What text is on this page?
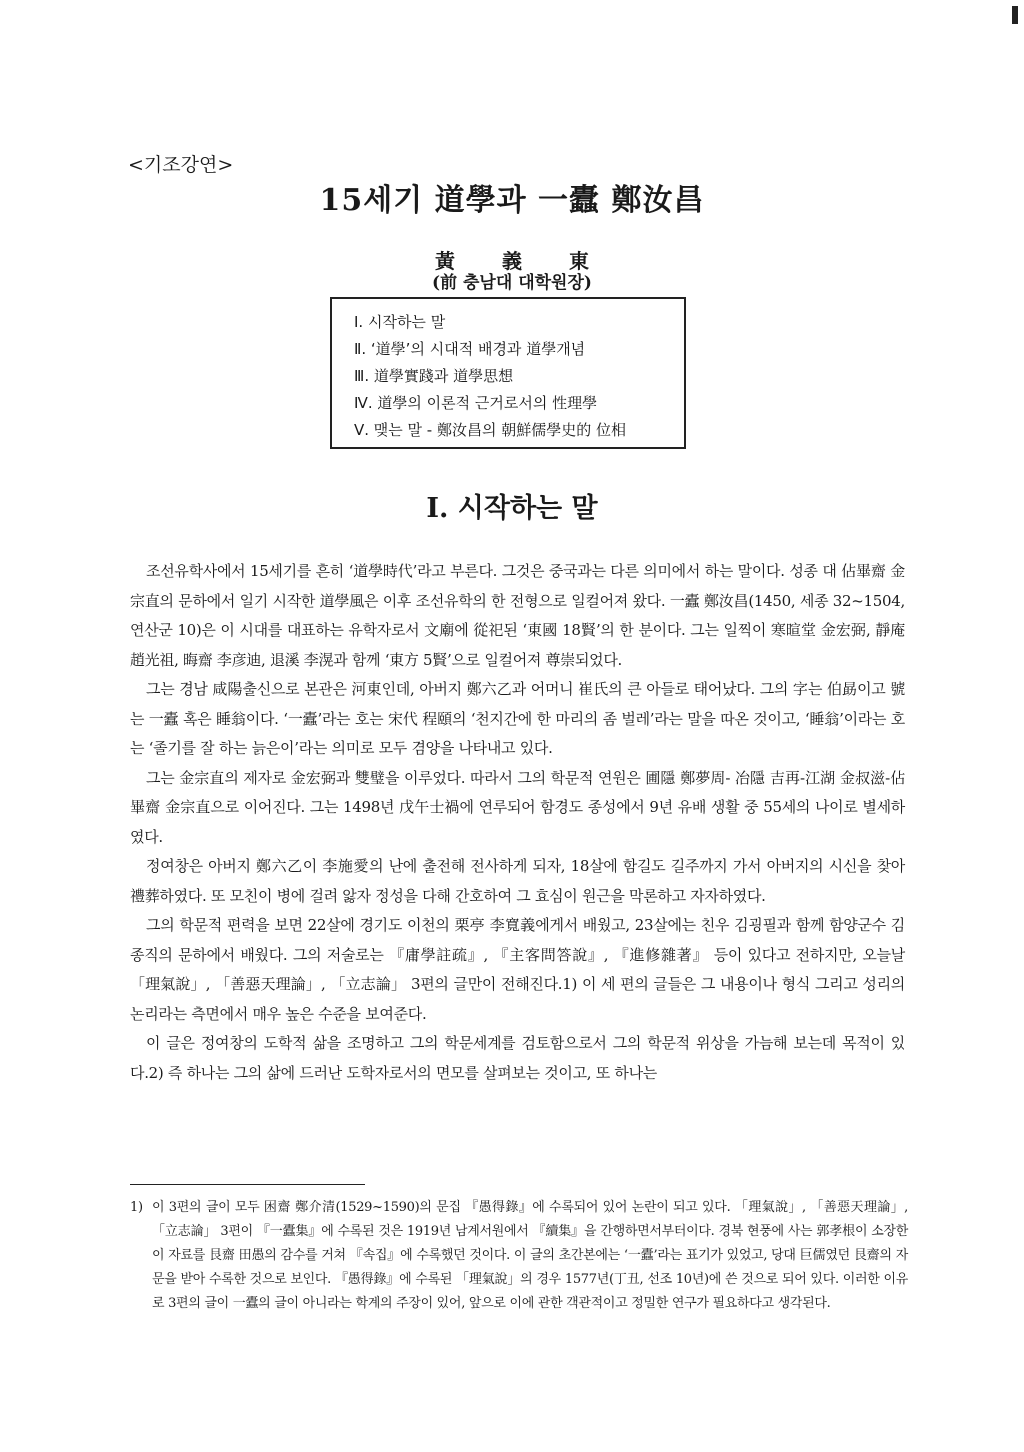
<기조강연>
15세기 道學과 一蠹 鄭汝昌
黃 義 東
(前 충남대 대학원장)
Ⅰ. 시작하는 말
Ⅱ. ‘道學’의 시대적 배경과 道學개념
Ⅲ. 道學實踐과 道學思想
Ⅳ. 道學의 이론적 근거로서의 性理學
Ⅴ. 맺는 말 - 鄭汝昌의 朝鮮儒學史的 位相
Ⅰ. 시작하는 말

조선유학사에서 15세기를 흔히 ‘道學時代’라고 부른다. 그것은 중국과는 다른 의미에서 하는 말이다. 성종 대 佔畢齋 金宗直의 문하에서 일기 시작한 道學風은 이후 조선유학의 한 전형으로 일컬어져 왔다. 一蠹 鄭汝昌(1450, 세종 32~1504, 연산군 10)은 이 시대를 대표하는 유학자로서 文廟에 從祀된 ‘東國 18賢’의 한 분이다. 그는 일찍이 寒暄堂 金宏弼, 靜庵 趙光祖, 晦齋 李彦迪, 退溪 李滉과 함께 ‘東方 5賢’으로 일컬어져 尊崇되었다.

그는 경남 咸陽출신으로 본관은 河東인데, 아버지 鄭六乙과 어머니 崔氏의 큰 아들로 태어났다. 그의 字는 伯勗이고 號는 一蠹 혹은 睡翁이다. ‘一蠹’라는 호는 宋代 程頤의 ‘천지간에 한 마리의 좀 벌레’라는 말을 따온 것이고, ‘睡翁’이라는 호는 ‘졸기를 잘 하는 늙은이’라는 의미로 모두 겸양을 나타내고 있다.

그는 金宗直의 제자로 金宏弼과 雙璧을 이루었다. 따라서 그의 학문적 연원은 圃隱 鄭夢周- 冶隱 吉再-江湖 金叔滋-佔畢齋 金宗直으로 이어진다. 그는 1498년 戊午士禍에 연루되어 함경도 종성에서 9년 유배 생활 중 55세의 나이로 별세하였다.

정여창은 아버지 鄭六乙이 李施愛의 난에 출전해 전사하게 되자, 18살에 함길도 길주까지 가서 아버지의 시신을 찾아 禮葬하였다. 또 모친이 병에 걸려 앓자 정성을 다해 간호하여 그 효심이 원근을 막론하고 자자하였다.

그의 학문적 편력을 보면 22살에 경기도 이천의 栗亭 李寬義에게서 배웠고, 23살에는 친우 김굉필과 함께 함양군수 김종직의 문하에서 배웠다. 그의 저술로는 『庸學註疏』, 『主客問答說』, 『進修雜著』 등이 있다고 전하지만, 오늘날 「理氣說」, 「善惡天理論」, 「立志論」 3편의 글만이 전해진다.1) 이 세 편의 글들은 그 내용이나 형식 그리고 성리의 논리라는 측면에서 매우 높은 수준을 보여준다.

이 글은 정여창의 도학적 삶을 조명하고 그의 학문세계를 검토함으로서 그의 학문적 위상을 가늠해 보는데 목적이 있다.2) 즉 하나는 그의 삶에 드러난 도학자로서의 면모를 살펴보는 것이고, 또 하나는

1) 이 3편의 글이 모두 困齋 鄭介清(1529~1590)의 문집 『愚得錄』에 수록되어 있어 논란이 되고 있다. 「理氣說」, 「善惡天理論」, 「立志論」 3편이 『一蠹集』에 수록된 것은 1919년 남계서원에서 『續集』을 간행하면서부터이다. 경북 현풍에 사는 郭孝根이 소장한 이 자료를 艮齋 田愚의 감수를 거쳐 『속집』에 수록했던 것이다. 이 글의 초간본에는 ‘一蠹’라는 표기가 있었고, 당대 巨儒였던 艮齋의 자문을 받아 수록한 것으로 보인다. 『愚得錄』에 수록된 「理氣說」의 경우 1577년(丁丑, 선조 10년)에 쓴 것으로 되어 있다. 이러한 이유로 3편의 글이 一蠹의 글이 아니라는 학계의 주장이 있어, 앞으로 이에 관한 객관적이고 정밀한 연구가 필요하다고 생각된다.
